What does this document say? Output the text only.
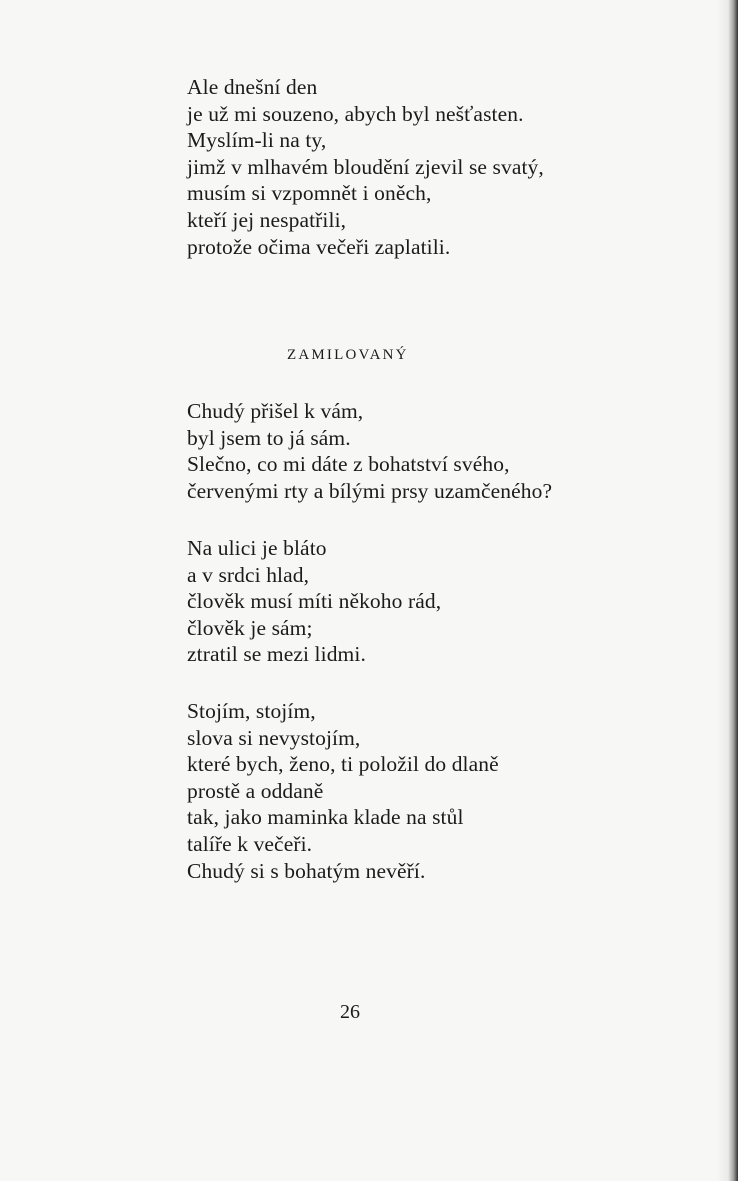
Ale dnešní den
je už mi souzeno, abych byl nešťasten.
Myslím-li na ty,
jimž v mlhavém bloudění zjevil se svatý,
musím si vzpomnět i oněch,
kteří jej nespatřili,
protože očima večeři zaplatili.
ZAMILOVANÝ
Chudý přišel k vám,
byl jsem to já sám.
Slečno, co mi dáte z bohatství svého,
červenými rty a bílými prsy uzamčeného?
Na ulici je bláto
a v srdci hlad,
člověk musí míti někoho rád,
člověk je sám;
ztratil se mezi lidmi.
Stojím, stojím,
slova si nevystojím,
které bych, ženo, ti položil do dlaně
prostě a oddaně
tak, jako maminka klade na stůl
talíře k večeři.
Chudý si s bohatým nevěří.
26
